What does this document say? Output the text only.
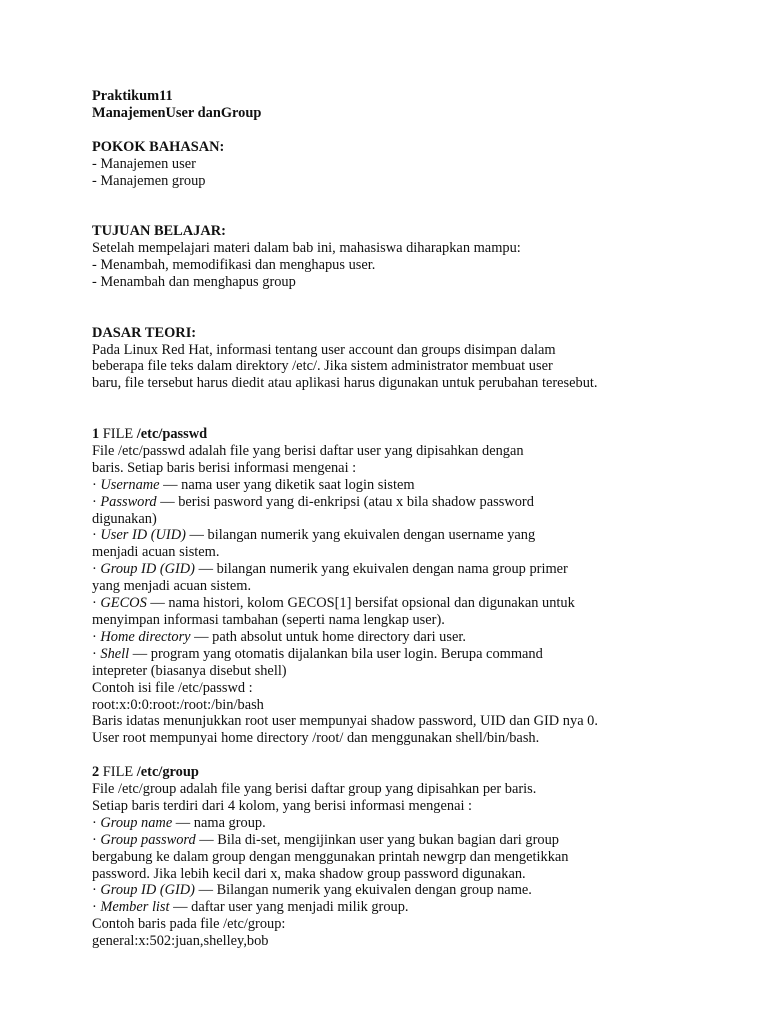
Praktikum11
ManajemenUser danGroup
POKOK BAHASAN:
- Manajemen user
- Manajemen group
TUJUAN BELAJAR:
Setelah mempelajari materi dalam bab ini, mahasiswa diharapkan mampu:
- Menambah, memodifikasi dan menghapus user.
- Menambah dan menghapus group
DASAR TEORI:
Pada Linux Red Hat, informasi tentang user account dan groups disimpan dalam
beberapa file teks dalam direktory /etc/. Jika sistem administrator membuat user
baru, file tersebut harus diedit atau aplikasi harus digunakan untuk perubahan teresebut.
1 FILE /etc/passwd
File /etc/passwd adalah file yang berisi daftar user yang dipisahkan dengan
baris. Setiap baris berisi informasi mengenai :
· Username — nama user yang diketik saat login sistem
· Password — berisi pasword yang di-enkripsi (atau x bila shadow password
digunakan)
· User ID (UID) — bilangan numerik yang ekuivalen dengan username yang
menjadi acuan sistem.
· Group ID (GID) — bilangan numerik yang ekuivalen dengan nama group primer
yang menjadi acuan sistem.
· GECOS — nama histori, kolom GECOS[1] bersifat opsional dan digunakan untuk
menyimpan informasi tambahan (seperti nama lengkap user).
· Home directory — path absolut untuk home directory dari user.
· Shell — program yang otomatis dijalankan bila user login. Berupa command
intepreter (biasanya disebut shell)
Contoh isi file /etc/passwd :
root:x:0:0:root:/root:/bin/bash
Baris idatas menunjukkan root user mempunyai shadow password, UID dan GID nya 0.
User root mempunyai home directory /root/ dan menggunakan shell/bin/bash.
2 FILE /etc/group
File /etc/group adalah file yang berisi daftar group yang dipisahkan per baris.
Setiap baris terdiri dari 4 kolom, yang berisi informasi mengenai :
· Group name — nama group.
· Group password — Bila di-set, mengijinkan user yang bukan bagian dari group
bergabung ke dalam group dengan menggunakan printah newgrp dan mengetikkan
password. Jika lebih kecil dari x, maka shadow group password digunakan.
· Group ID (GID) — Bilangan numerik yang ekuivalen dengan group name.
· Member list — daftar user yang menjadi milik group.
Contoh baris pada file /etc/group:
general:x:502:juan,shelley,bob
